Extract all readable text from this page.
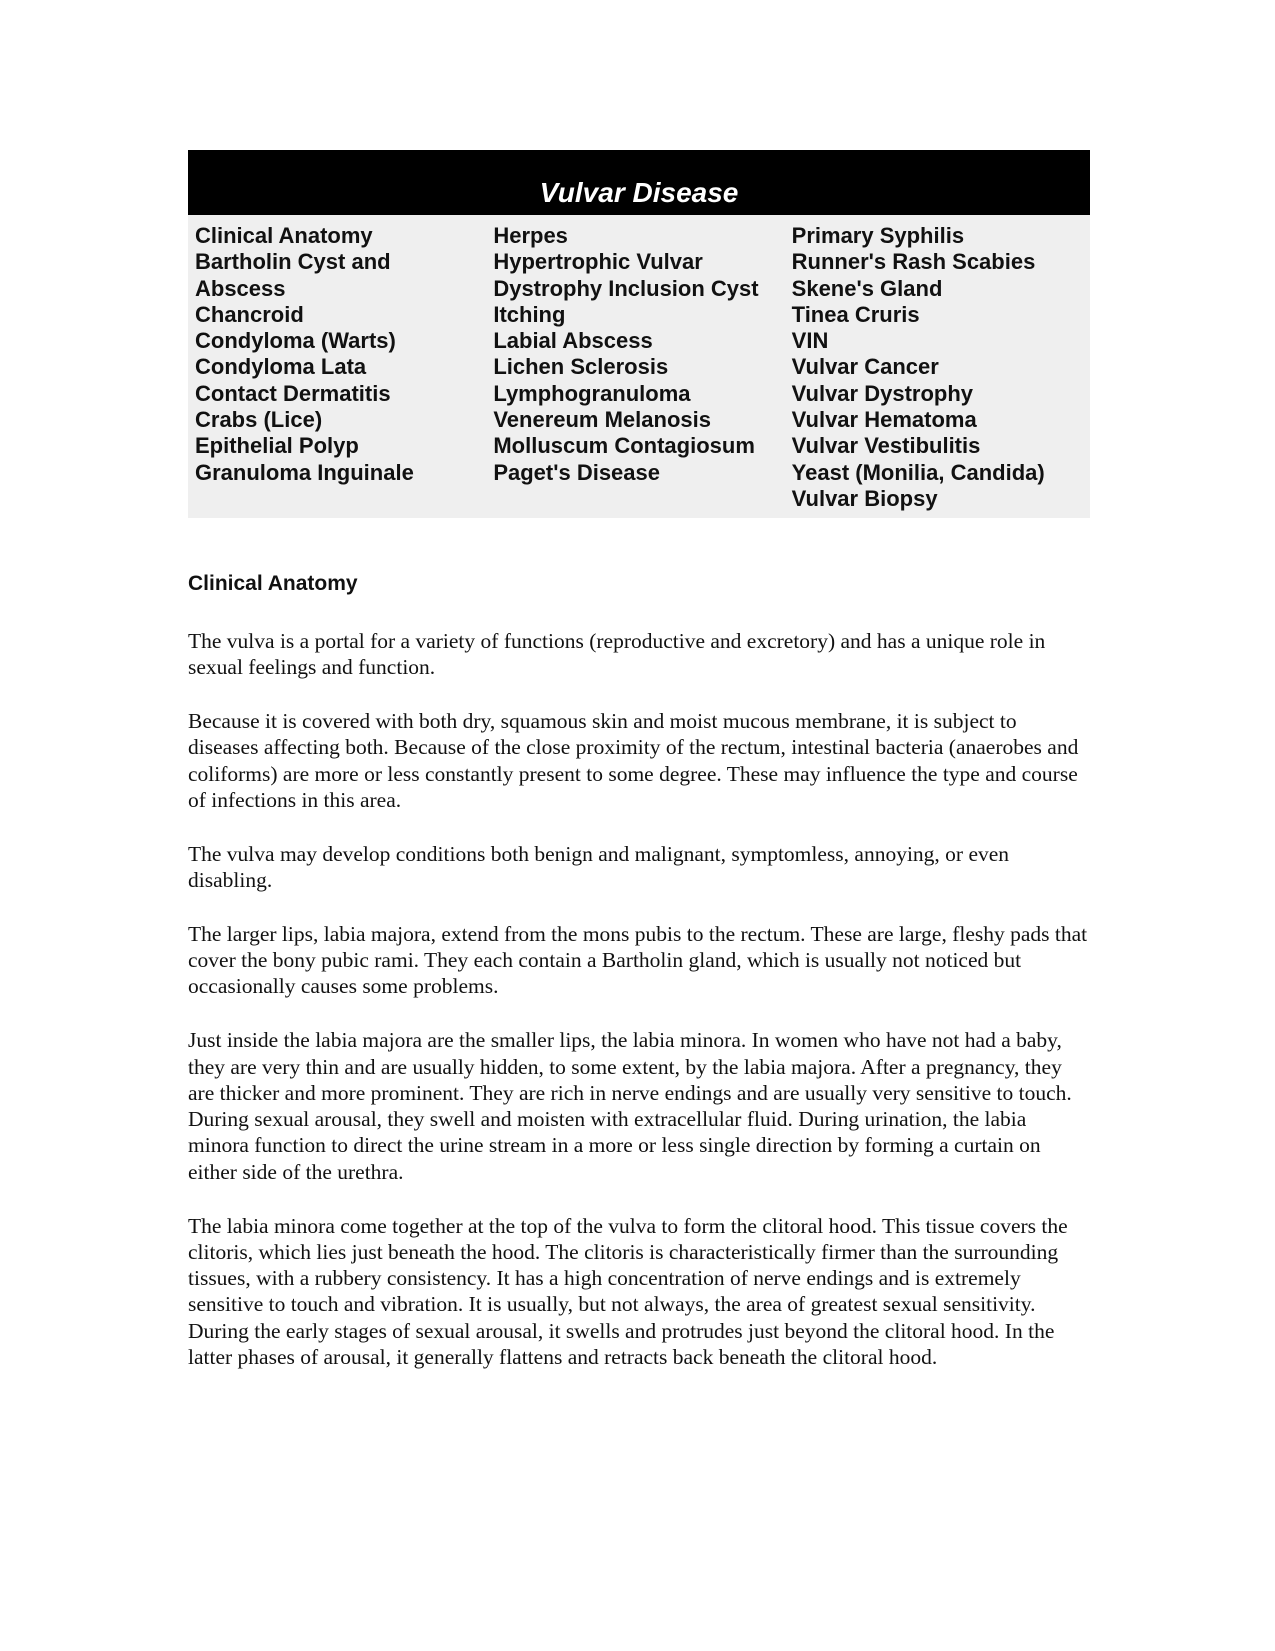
Vulvar Disease
Clinical Anatomy
Bartholin Cyst and Abscess
Chancroid
Condyloma (Warts)
Condyloma Lata
Contact Dermatitis
Crabs (Lice)
Epithelial Polyp
Granuloma Inguinale
Herpes
Hypertrophic Vulvar
Dystrophy Inclusion Cyst
Itching
Labial Abscess
Lichen Sclerosis
Lymphogranuloma
Venereum Melanosis
Molluscum Contagiosum
Paget's Disease
Primary Syphilis
Runner's Rash Scabies
Skene's Gland
Tinea Cruris
VIN
Vulvar Cancer
Vulvar Dystrophy
Vulvar Hematoma
Vulvar Vestibulitis
Yeast (Monilia, Candida)
Vulvar Biopsy
Clinical Anatomy

The vulva is a portal for a variety of functions (reproductive and excretory) and has a unique role in sexual feelings and function.

Because it is covered with both dry, squamous skin and moist mucous membrane, it is subject to diseases affecting both. Because of the close proximity of the rectum, intestinal bacteria (anaerobes and coliforms) are more or less constantly present to some degree. These may influence the type and course of infections in this area.

The vulva may develop conditions both benign and malignant, symptomless, annoying, or even disabling.

The larger lips, labia majora, extend from the mons pubis to the rectum. These are large, fleshy pads that cover the bony pubic rami. They each contain a Bartholin gland, which is usually not noticed but occasionally causes some problems.

Just inside the labia majora are the smaller lips, the labia minora. In women who have not had a baby, they are very thin and are usually hidden, to some extent, by the labia majora. After a pregnancy, they are thicker and more prominent. They are rich in nerve endings and are usually very sensitive to touch. During sexual arousal, they swell and moisten with extracellular fluid. During urination, the labia minora function to direct the urine stream in a more or less single direction by forming a curtain on either side of the urethra.

The labia minora come together at the top of the vulva to form the clitoral hood. This tissue covers the clitoris, which lies just beneath the hood. The clitoris is characteristically firmer than the surrounding tissues, with a rubbery consistency. It has a high concentration of nerve endings and is extremely sensitive to touch and vibration. It is usually, but not always, the area of greatest sexual sensitivity. During the early stages of sexual arousal, it swells and protrudes just beyond the clitoral hood. In the latter phases of arousal, it generally flattens and retracts back beneath the clitoral hood.
